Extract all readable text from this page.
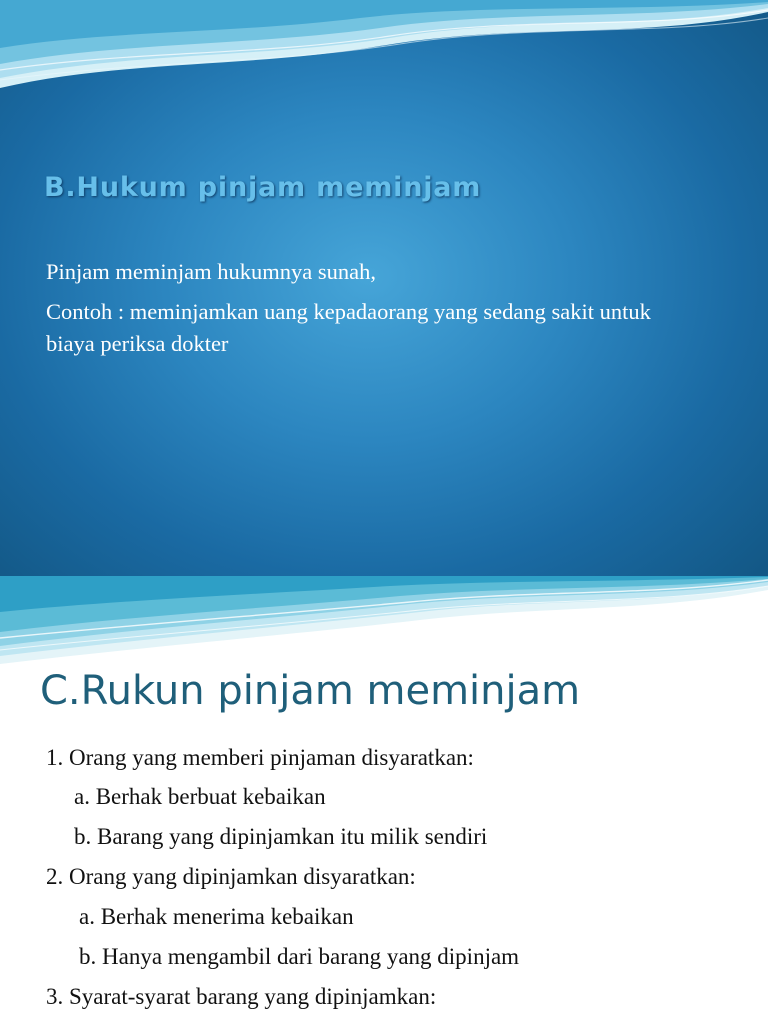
B.Hukum pinjam meminjam

Pinjam meminjam hukumnya sunah,

Contoh : meminjamkan uang kepadaorang yang sedang sakit untuk biaya periksa dokter

C.Rukun pinjam meminjam
1. Orang yang memberi pinjaman disyaratkan:
a. Berhak berbuat kebaikan
b. Barang yang dipinjamkan itu milik sendiri
2. Orang yang dipinjamkan disyaratkan:
a. Berhak menerima kebaikan
b. Hanya mengambil dari barang yang dipinjam
3. Syarat-syarat barang yang dipinjamkan:
